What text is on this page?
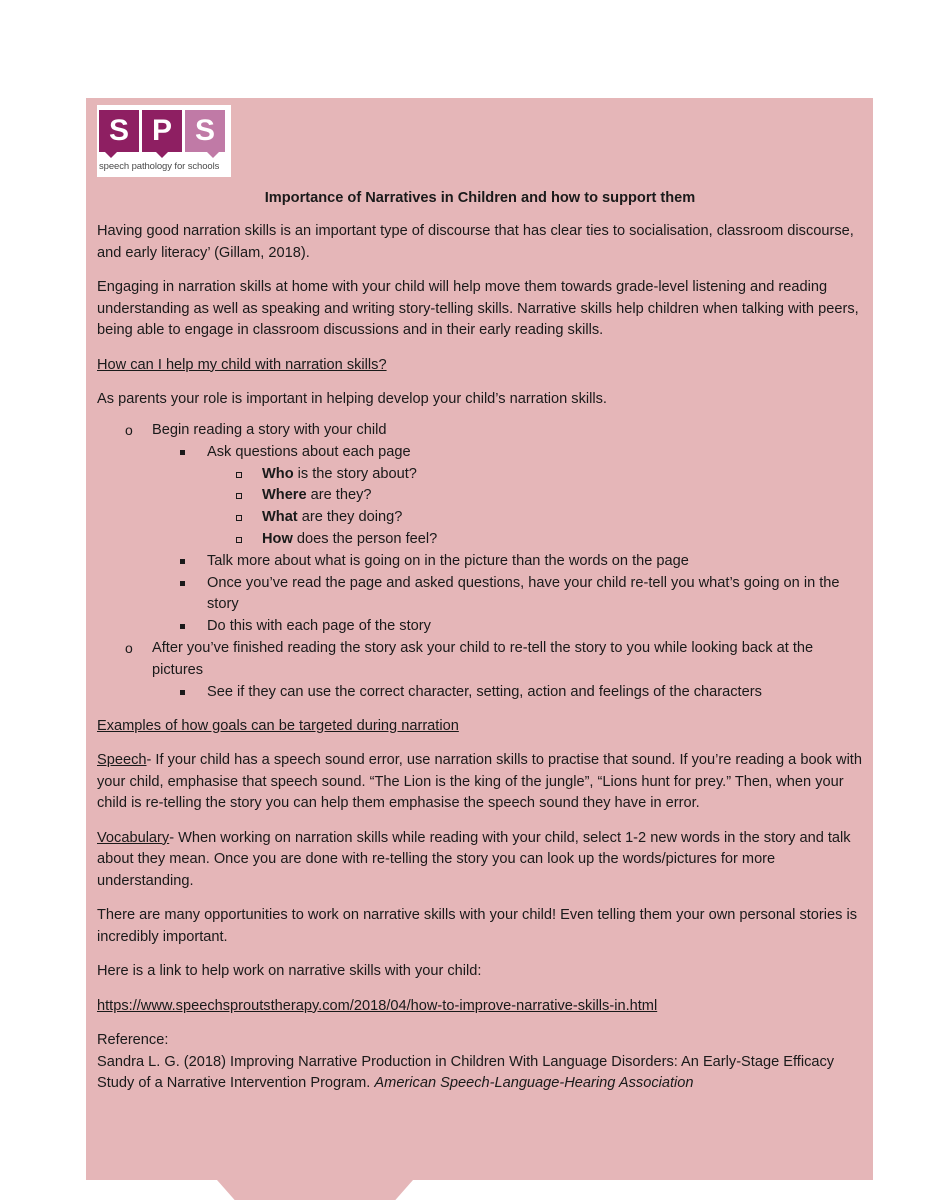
S P S
speech pathology for schools

Importance of Narratives in Children and how to support them

Having good narration skills is an important type of discourse that has clear ties to socialisation, classroom discourse, and early literacy’ (Gillam, 2018).

Engaging in narration skills at home with your child will help move them towards grade-level listening and reading understanding as well as speaking and writing story-telling skills. Narrative skills help children when talking with peers, being able to engage in classroom discussions and in their early reading skills.

How can I help my child with narration skills?

As parents your role is important in helping develop your child’s narration skills.

o Begin reading a story with your child
Ask questions about each page
Who is the story about?
Where are they?
What are they doing?
How does the person feel?
Talk more about what is going on in the picture than the words on the page
Once you’ve read the page and asked questions, have your child re-tell you what’s going on in the story
Do this with each page of the story
o After you’ve finished reading the story ask your child to re-tell the story to you while looking back at the pictures
See if they can use the correct character, setting, action and feelings of the characters

Examples of how goals can be targeted during narration

Speech- If your child has a speech sound error, use narration skills to practise that sound. If you’re reading a book with your child, emphasise that speech sound. “The Lion is the king of the jungle”, “Lions hunt for prey.” Then, when your child is re-telling the story you can help them emphasise the speech sound they have in error.

Vocabulary- When working on narration skills while reading with your child, select 1-2 new words in the story and talk about they mean. Once you are done with re-telling the story you can look up the words/pictures for more understanding.

There are many opportunities to work on narrative skills with your child! Even telling them your own personal stories is incredibly important.

Here is a link to help work on narrative skills with your child:

https://www.speechsproutstherapy.com/2018/04/how-to-improve-narrative-skills-in.html

Reference:

Sandra L. G. (2018) Improving Narrative Production in Children With Language Disorders: An Early-Stage Efficacy Study of a Narrative Intervention Program. American Speech-Language-Hearing Association
